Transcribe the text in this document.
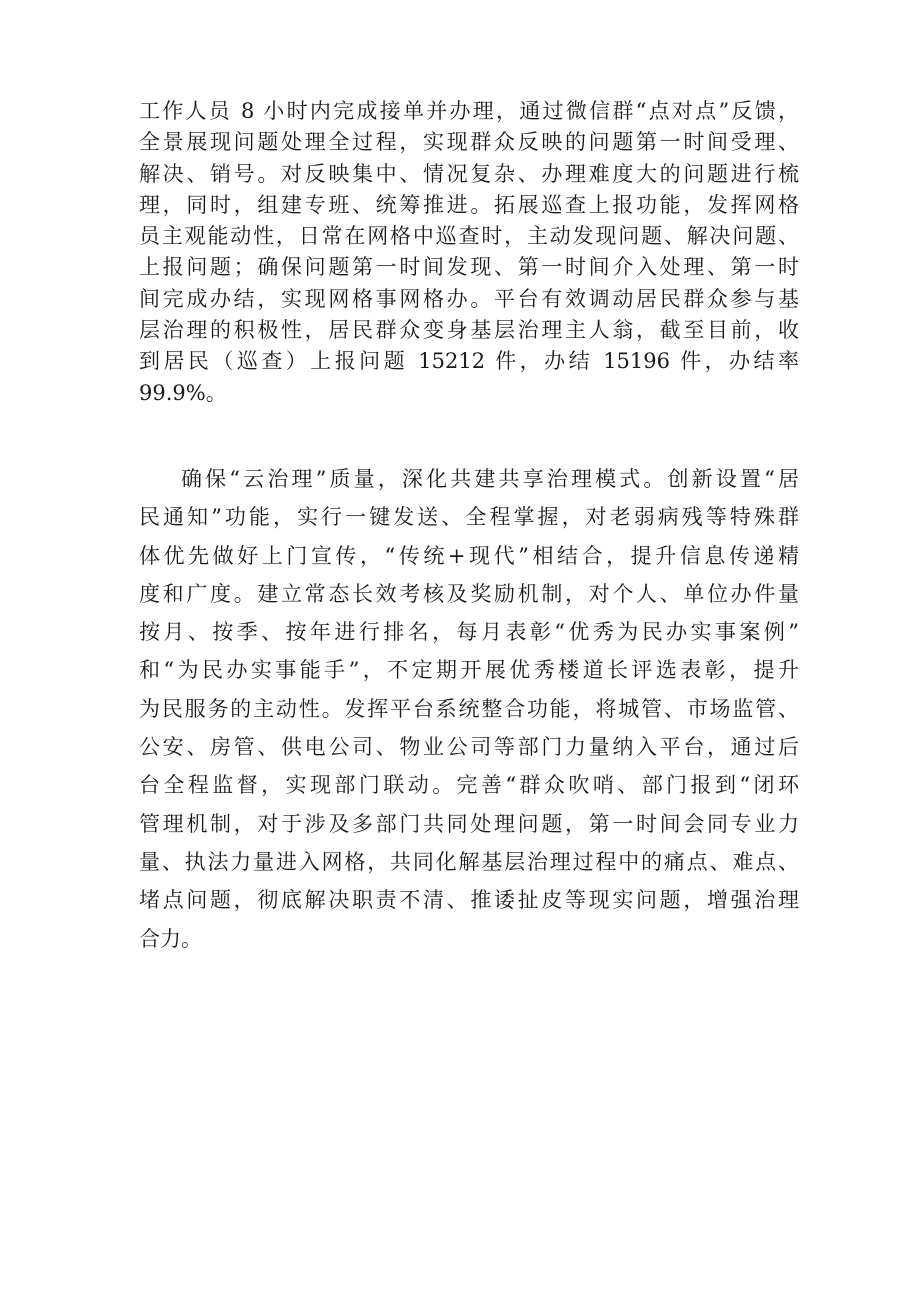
工作人员 8 小时内完成接单并办理，通过微信群“点对点”反馈，
全景展现问题处理全过程，实现群众反映的问题第一时间受理、
解决、销号。对反映集中、情况复杂、办理难度大的问题进行梳
理，同时，组建专班、统筹推进。拓展巡查上报功能，发挥网格
员主观能动性，日常在网格中巡查时，主动发现问题、解决问题、
上报问题；确保问题第一时间发现、第一时间介入处理、第一时
间完成办结，实现网格事网格办。平台有效调动居民群众参与基
层治理的积极性，居民群众变身基层治理主人翁，截至目前，收
到居民（巡查）上报问题 15212 件，办结 15196 件，办结率
99.9%。
确保“云治理”质量，深化共建共享治理模式。创新设置“居
民通知”功能，实行一键发送、全程掌握，对老弱病残等特殊群
体优先做好上门宣传，“传统+现代”相结合，提升信息传递精
度和广度。建立常态长效考核及奖励机制，对个人、单位办件量
按月、按季、按年进行排名，每月表彰“优秀为民办实事案例”
和“为民办实事能手”，不定期开展优秀楼道长评选表彰，提升
为民服务的主动性。发挥平台系统整合功能，将城管、市场监管、
公安、房管、供电公司、物业公司等部门力量纳入平台，通过后
台全程监督，实现部门联动。完善“群众吹哨、部门报到“闭环
管理机制，对于涉及多部门共同处理问题，第一时间会同专业力
量、执法力量进入网格，共同化解基层治理过程中的痛点、难点、
堵点问题，彻底解决职责不清、推诿扯皮等现实问题，增强治理
合力。
